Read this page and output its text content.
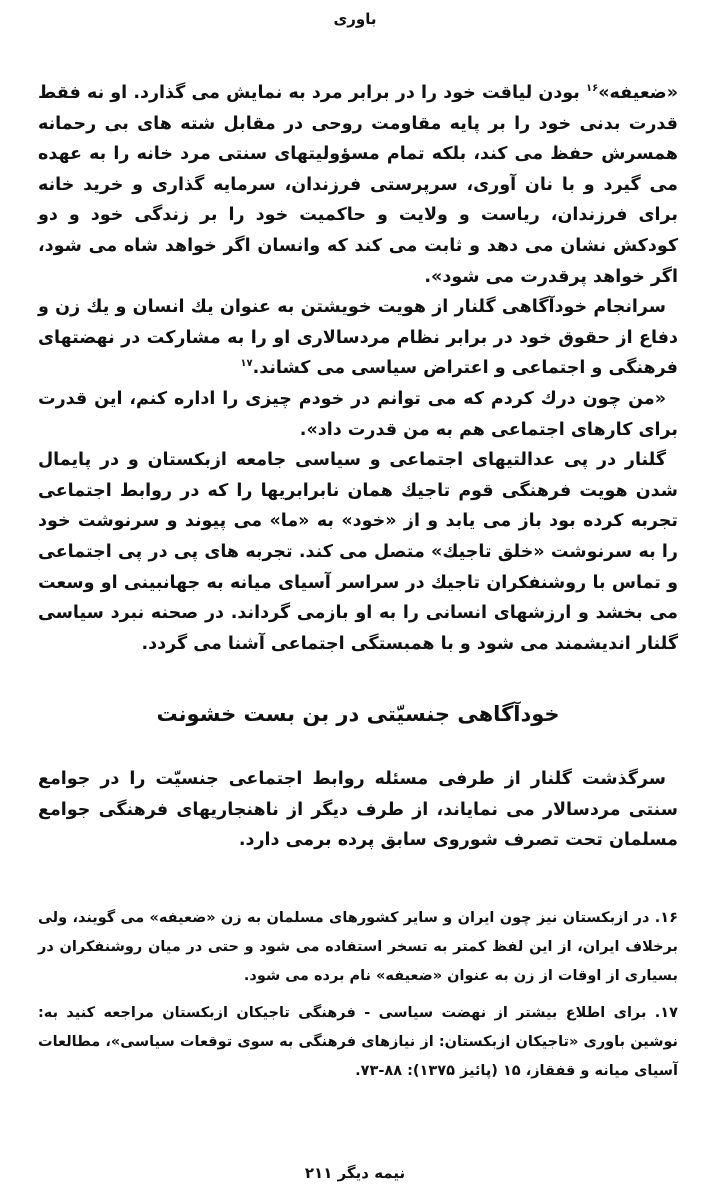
باوری

«ضعیفه»$^{۱۶}$ بودن لیاقت خود را در برابر مرد به نمایش می گذارد. او نه فقط قدرت بدنی خود را بر پایه مقاومت روحی در مقابل شته های بی رحمانه همسرش حفظ می کند، بلکه تمام مسؤولیتهای سنتی مرد خانه را به عهده می گیرد و با نان آوری، سرپرستی فرزندان، سرمایه گذاری و خرید خانه برای فرزندان، ریاست و ولایت و حاکمیت خود را بر زندگی خود و دو کودکش نشان می دهد و ثابت می کند که وانسان اگر خواهد شاه می شود، اگر خواهد پرقدرت می شود».

سرانجام خودآگاهی گلنار از هویت خویشتن به عنوان یك انسان و یك زن و دفاع از حقوق خود در برابر نظام مردسالاری او را به مشارکت در نهضتهای فرهنگی و اجتماعی و اعتراض سیاسی می کشاند.$^{۱۷}$

«من چون درك كردم كه می توانم در خودم چیزی را اداره كنم، این قدرت برای كارهای اجتماعی هم به من قدرت داد».

گلنار در پی عدالتیهای اجتماعی و سیاسی جامعه ازبكستان و در پایمال شدن هویت فرهنگی قوم تاجیك همان نابرابریها را كه در روابط اجتماعی تجربه كرده بود باز می یابد و از «خود» به «ما» می پیوند و سرنوشت خود را به سرنوشت «خلق تاجیك» متصل می كند. تجربه های پی در پی اجتماعی و تماس با روشنفكران تاجیك در سراسر آسیای میانه به جهانبینی او وسعت می بخشد و ارزشهای انسانی را به او بازمی گرداند. در صحنه نبرد سیاسی گلنار اندیشمند می شود و با همبستگی اجتماعی آشنا می گردد.

خودآگاهی جنسیّتی در بن بست خشونت

سرگذشت گلنار از طرفی مسئله روابط اجتماعی جنسیّت را در جوامع سنتی مردسالار می نمایاند، از طرف دیگر از ناهنجاریهای فرهنگی جوامع مسلمان تحت تصرف شوروی سابق پرده برمی دارد.

۱۶. در ازبكستان نیز چون ایران و سایر كشورهای مسلمان به زن «ضعیفه» می گویند، ولی برخلاف ایران، از این لفظ كمتر به تسخر استفاده می شود و حتی در میان روشنفكران در بسیاری از اوقات از زن به عنوان «ضعیفه» نام برده می شود.

۱۷. برای اطلاع بیشتر از نهضت سیاسی - فرهنگی تاجیكان ازبكستان مراجعه كنید به: نوشین باوری «تاجیكان ازبكستان: از نیازهای فرهنگی به سوی توقعات سیاسی»، مطالعات آسیای میانه و قفقاز، ۱۵ (پائیز ۱۳۷۵): ۸۸-۷۳.

نیمه دیگر ۲۱۱
